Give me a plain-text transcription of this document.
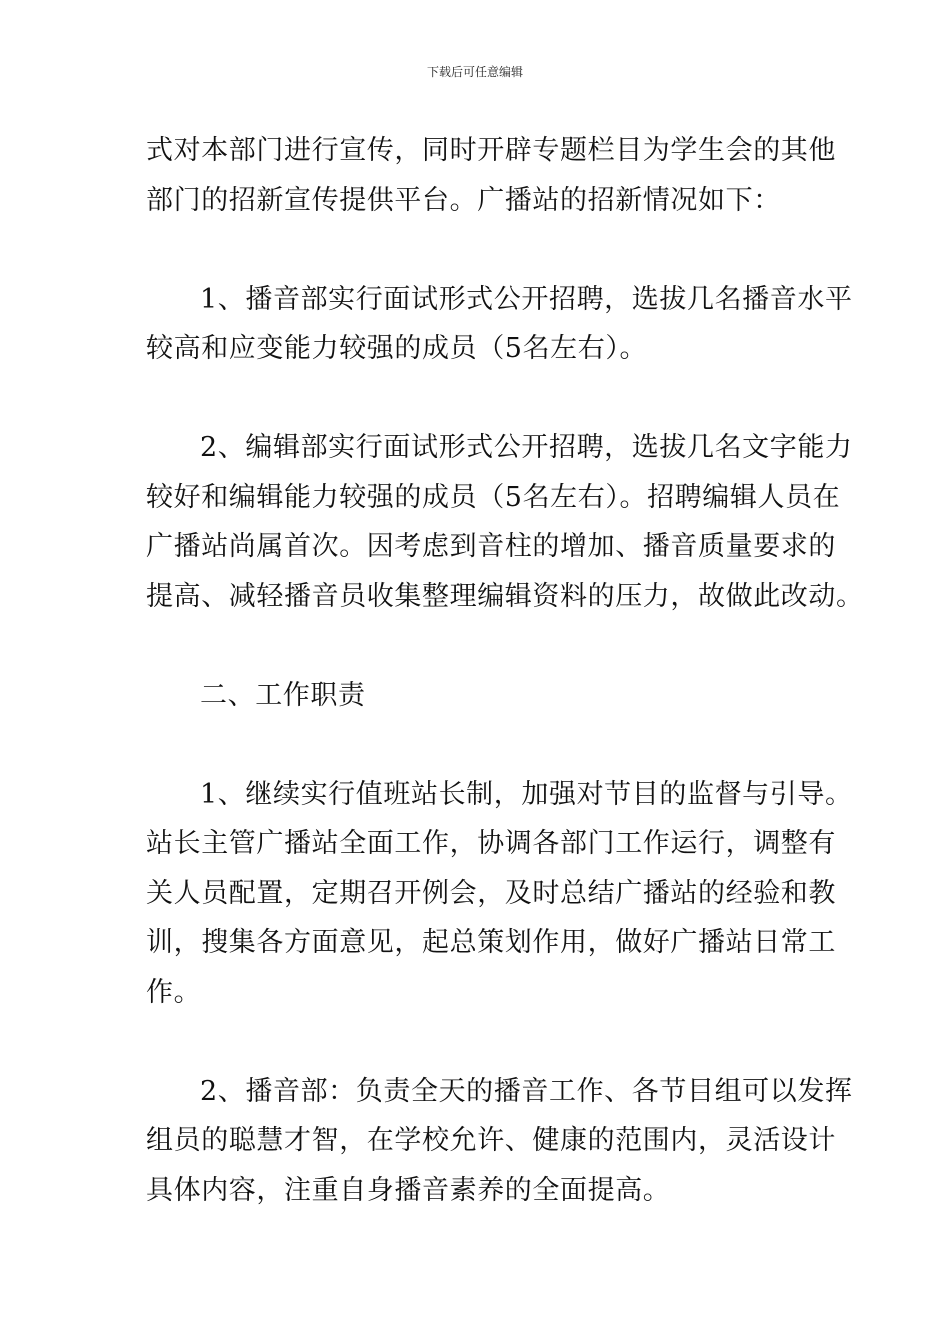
下载后可任意编辑
式对本部门进行宣传，同时开辟专题栏目为学生会的其他
部门的招新宣传提供平台。广播站的招新情况如下：
1、播音部实行面试形式公开招聘，选拔几名播音水平
较高和应变能力较强的成员（5名左右）。
2、编辑部实行面试形式公开招聘，选拔几名文字能力
较好和编辑能力较强的成员（5名左右）。招聘编辑人员在
广播站尚属首次。因考虑到音柱的增加、播音质量要求的
提高、减轻播音员收集整理编辑资料的压力，故做此改动。
二、工作职责
1、继续实行值班站长制，加强对节目的监督与引导。
站长主管广播站全面工作，协调各部门工作运行，调整有
关人员配置，定期召开例会，及时总结广播站的经验和教
训，搜集各方面意见，起总策划作用，做好广播站日常工
作。
2、播音部：负责全天的播音工作、各节目组可以发挥
组员的聪慧才智，在学校允许、健康的范围内，灵活设计
具体内容，注重自身播音素养的全面提高。
